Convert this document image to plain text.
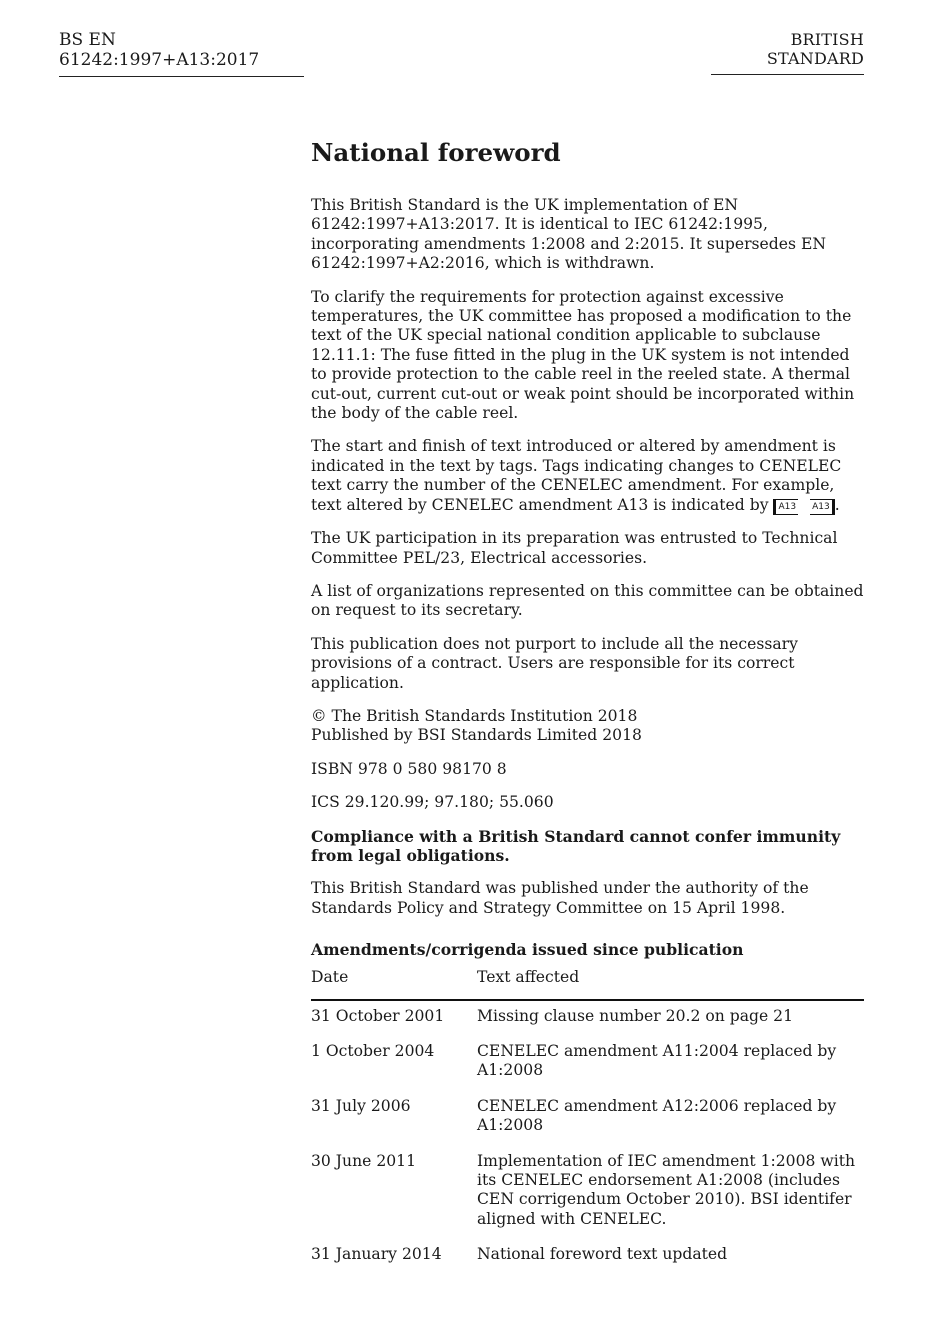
BS EN 61242:1997+A13:2017
BRITISH STANDARD
National foreword

This British Standard is the UK implementation of EN 61242:1997+A13:2017. It is identical to IEC 61242:1995, incorporating amendments 1:2008 and 2:2015. It supersedes EN 61242:1997+A2:2016, which is withdrawn.

To clarify the requirements for protection against excessive temperatures, the UK committee has proposed a modification to the text of the UK special national condition applicable to subclause 12.11.1: The fuse fitted in the plug in the UK system is not intended to provide protection to the cable reel in the reeled state. A thermal cut-out, current cut-out or weak point should be incorporated within the body of the cable reel.

The start and finish of text introduced or altered by amendment is indicated in the text by tags. Tags indicating changes to CENELEC text carry the number of the CENELEC amendment. For example, text altered by CENELEC amendment A13 is indicated by A13 A13 .

The UK participation in its preparation was entrusted to Technical Committee PEL/23, Electrical accessories.

A list of organizations represented on this committee can be obtained on request to its secretary.

This publication does not purport to include all the necessary provisions of a contract. Users are responsible for its correct application.

© The British Standards Institution 2018
Published by BSI Standards Limited 2018

ISBN 978 0 580 98170 8

ICS 29.120.99; 97.180; 55.060

Compliance with a British Standard cannot confer immunity from legal obligations.

This British Standard was published under the authority of the Standards Policy and Strategy Committee on 15 April 1998.

Amendments/corrigenda issued since publication
Date	Text affected
31 October 2001	Missing clause number 20.2 on page 21
1 October 2004	CENELEC amendment A11:2004 replaced by A1:2008
31 July 2006	CENELEC amendment A12:2006 replaced by A1:2008
30 June 2011	Implementation of IEC amendment 1:2008 with its CENELEC endorsement A1:2008 (includes CEN corrigendum October 2010). BSI identifer aligned with CENELEC.
31 January 2014	National foreword text updated
